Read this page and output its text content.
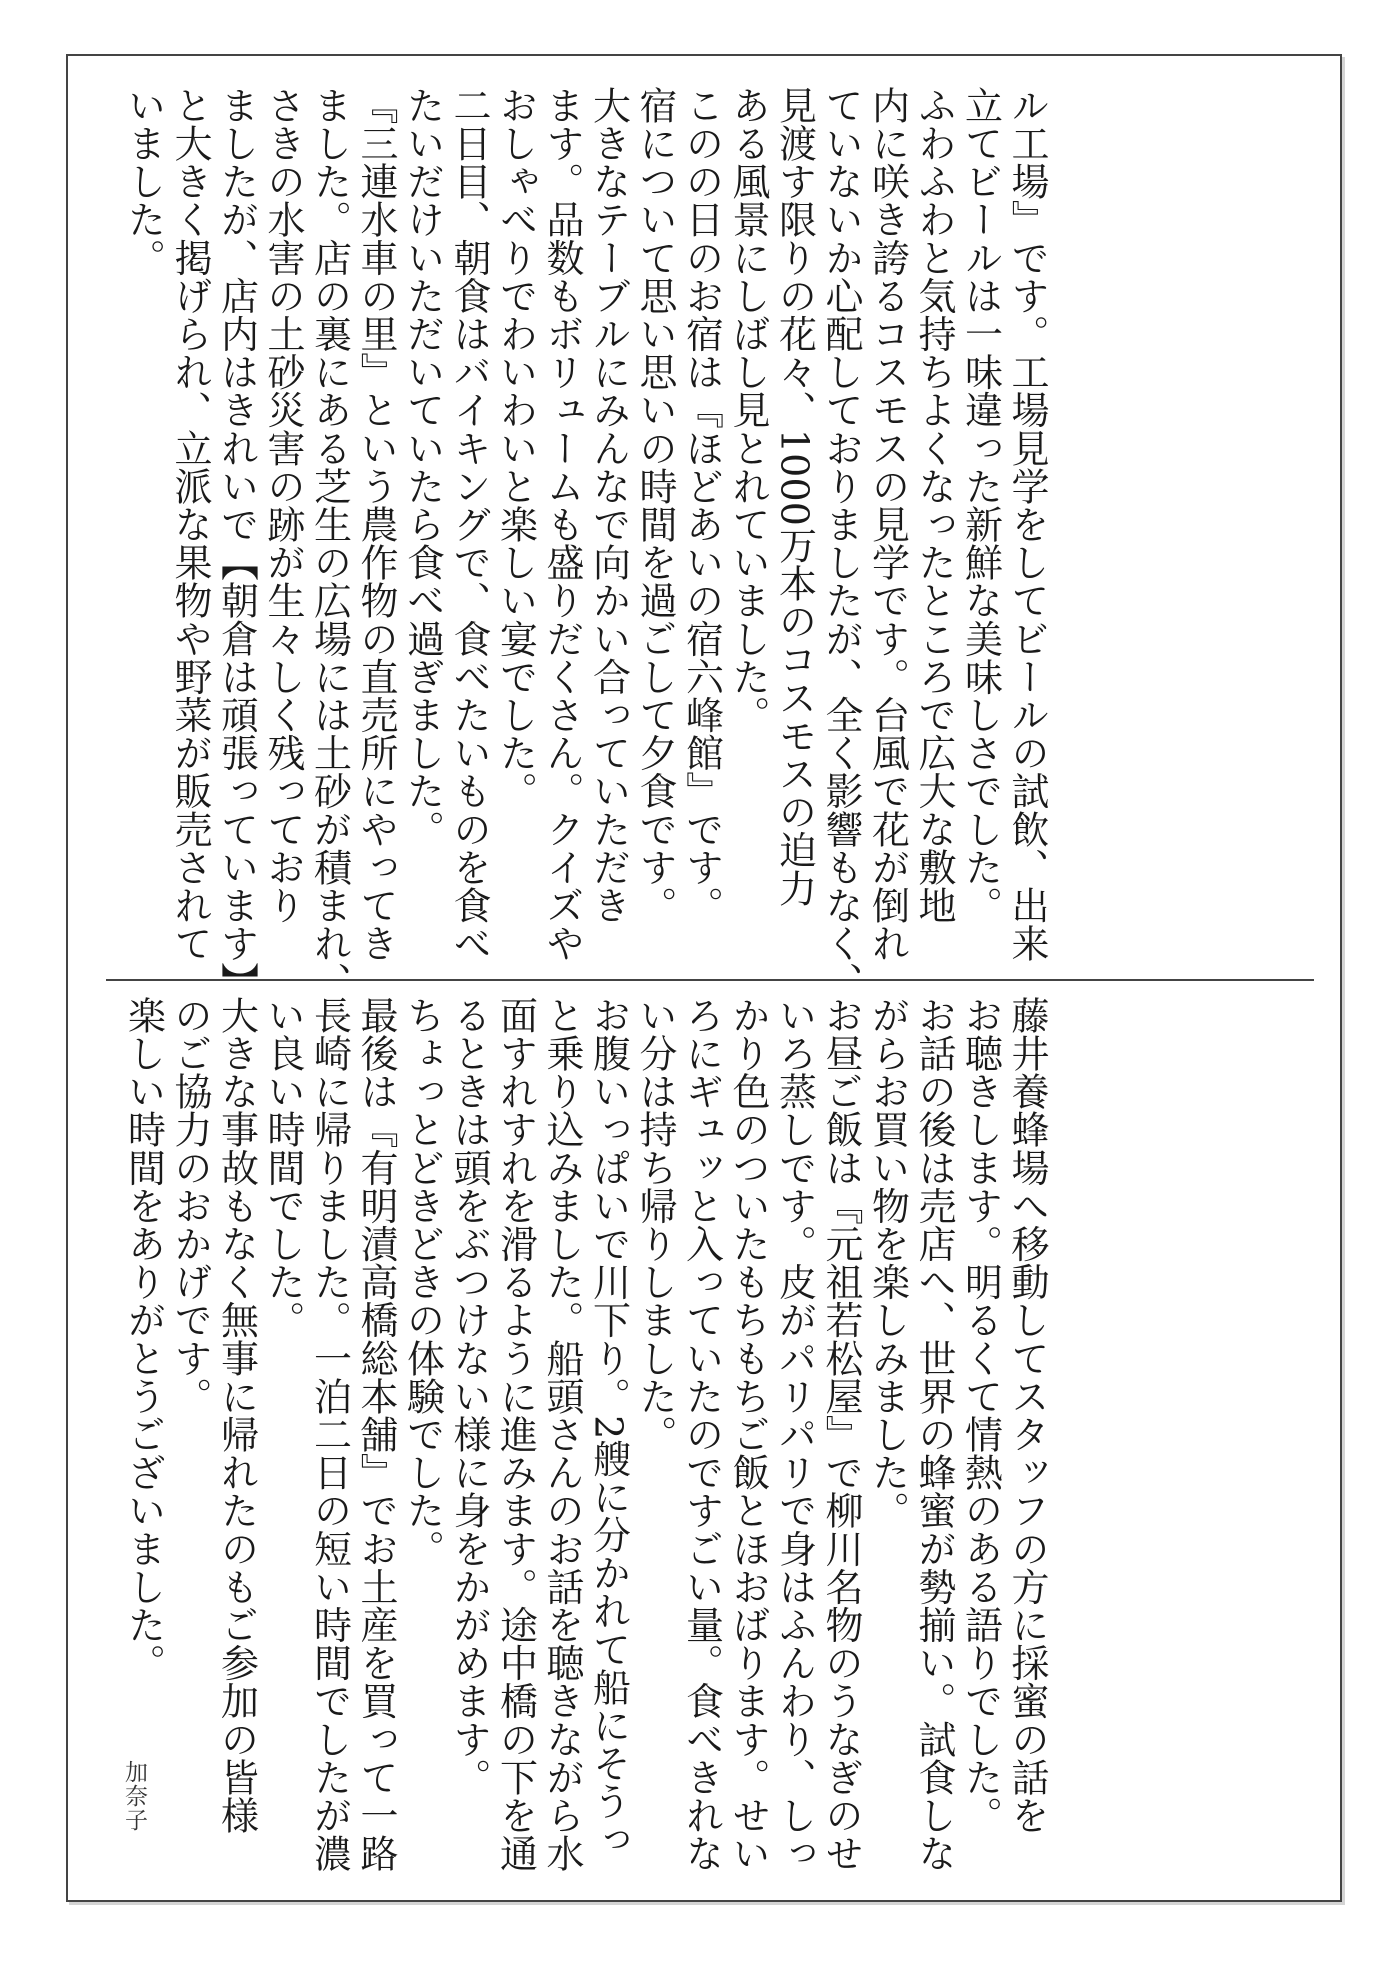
ル工場』です。工場見学をしてビールの試飲、出来
立てビールは一味違った新鮮な美味しさでした。
ふわふわと気持ちよくなったところで広大な敷地
内に咲き誇るコスモスの見学です。台風で花が倒れ
ていないか心配しておりましたが、全く影響もなく、
見渡す限りの花々、1000万本のコスモスの迫力
ある風景にしばし見とれていました。
このの日のお宿は『ほどあいの宿六峰館』です。
宿について思い思いの時間を過ごして夕食です。
大きなテーブルにみんなで向かい合っていただき
ます。品数もボリュームも盛りだくさん。クイズや
おしゃべりでわいわいと楽しい宴でした。
二日目、朝食はバイキングで、食べたいものを食べ
たいだけいただいていたら食べ過ぎました。
『三連水車の里』という農作物の直売所にやってき
ました。店の裏にある芝生の広場には土砂が積まれ、
さきの水害の土砂災害の跡が生々しく残っており
ましたが、店内はきれいで【朝倉は頑張っています】
と大きく掲げられ、立派な果物や野菜が販売されて
いました。
藤井養蜂場へ移動してスタッフの方に採蜜の話を
お聴きします。明るくて情熱のある語りでした。
お話の後は売店へ、世界の蜂蜜が勢揃い。試食しな
がらお買い物を楽しみました。
お昼ご飯は『元祖若松屋』で柳川名物のうなぎのせ
いろ蒸しです。皮がパリパリで身はふんわり、しっ
かり色のついたもちもちご飯とほおばります。せい
ろにギュッと入っていたのですごい量。食べきれな
い分は持ち帰りしました。
お腹いっぱいで川下り。2艘に分かれて船にそうっ
と乗り込みました。船頭さんのお話を聴きながら水
面すれすれを滑るように進みます。途中橋の下を通
るときは頭をぶつけない様に身をかがめます。
ちょっとどきどきの体験でした。
最後は『有明漬高橋総本舗』でお土産を買って一路
長崎に帰りました。一泊二日の短い時間でしたが濃
い良い時間でした。
大きな事故もなく無事に帰れたのもご参加の皆様
のご協力のおかげです。
楽しい時間をありがとうございました。
加奈子
